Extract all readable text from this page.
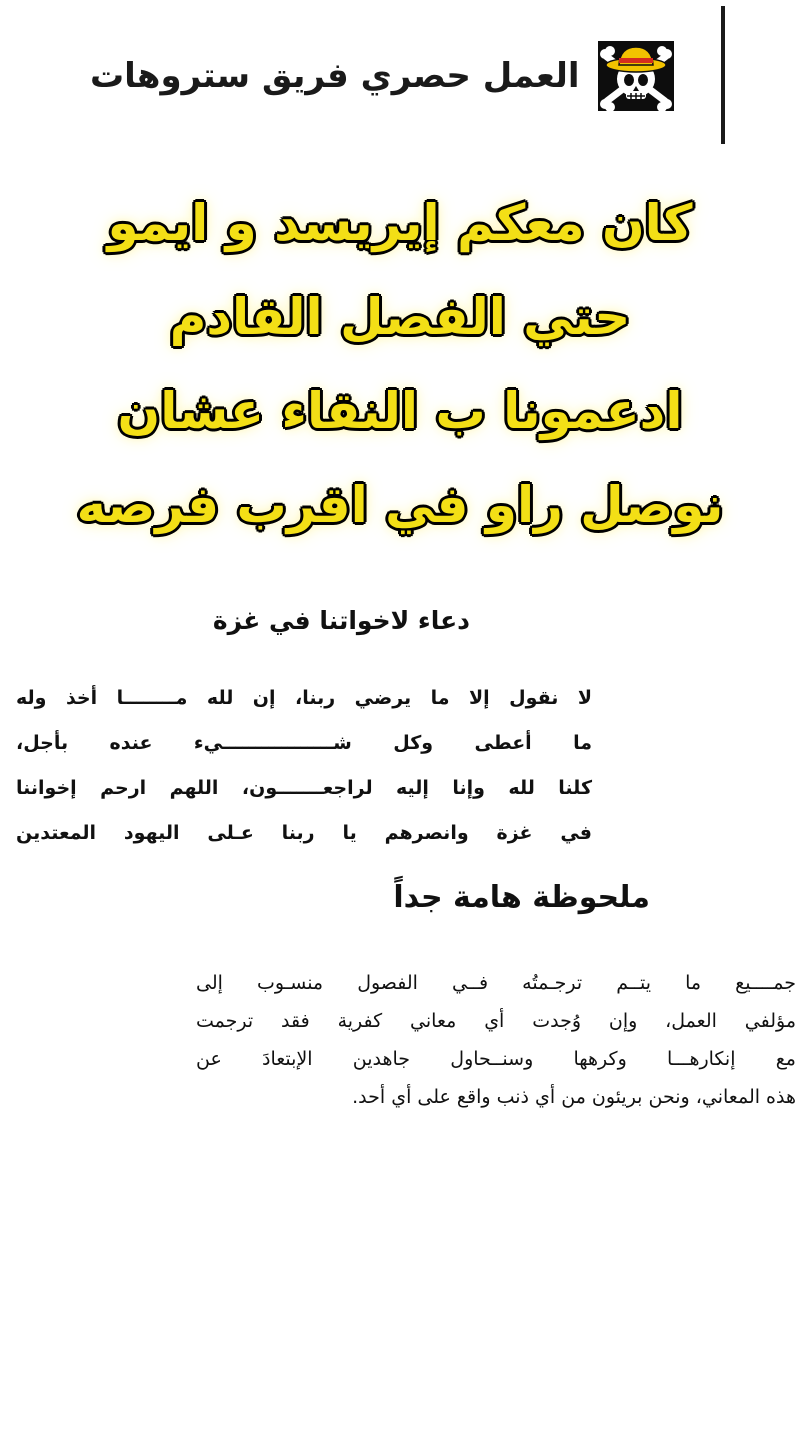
العمل حصري فريق ستروهات
كان معكم إيريسد و ايمو
حتي الفصل القادم
ادعمونا ب النقاء عشان
نوصل راو في اقرب فرصه
دعاء لاخواتنا في غزة
لا نقول إلا ما يرضي ربنا، إن لله مــــــــا أخذ وله
ما أعطى وكل شـــــــــــــــــيء عنده بأجل،
كلنا لله وإنا إليه لراجعـــــــون، اللهم ارحم إخواننا
في غزة وانصرهم يا ربنا عـلى اليهود المعتدين
ملحوظة هامة جداً
جمــــيع ما يتــم ترجـمتُه فــي الفصول منسـوب إلى
مؤلفي العمل، وإن وُجدت أي معاني كفرية فقد ترجمت
مع إنكارهـــا وكرهها وسنــحاول جاهدين الإبتعادَ عن
هذه المعاني، ونحن بريئون من أي ذنب واقع على أي أحد.
